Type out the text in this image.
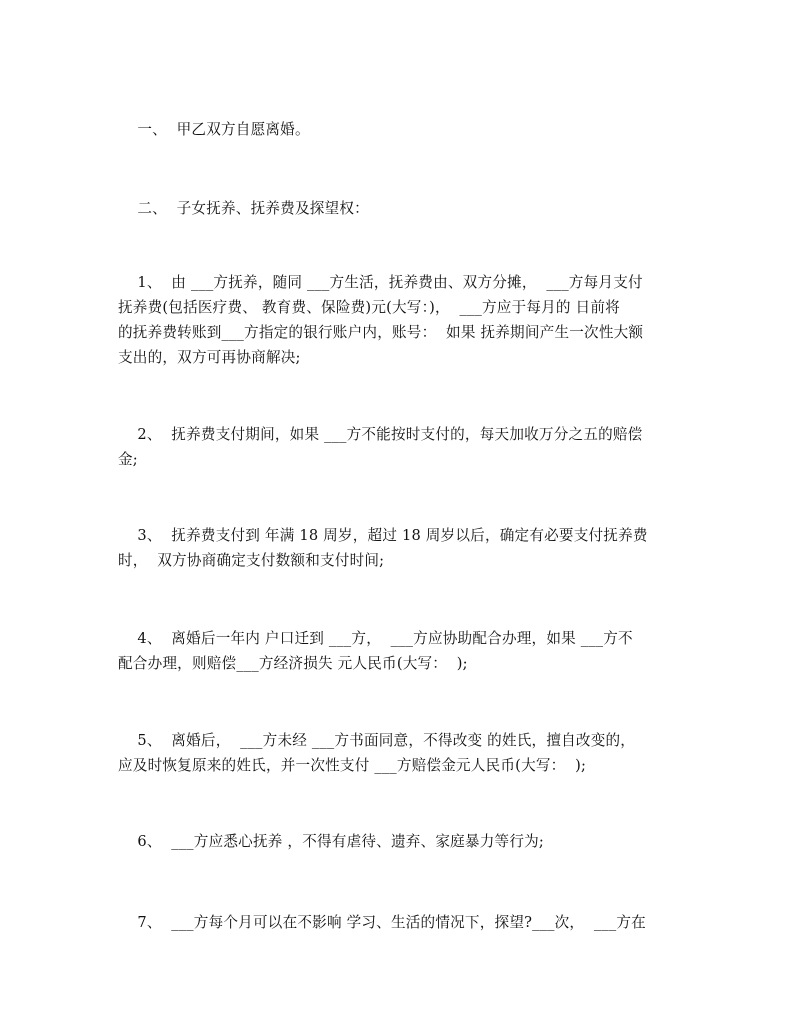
一、  甲乙双方自愿离婚。
二、  子女抚养、抚养费及探望权：
1、  由 ___方抚养，随同 ___方生活，抚养费由、双方分摊，  ___方每月支付
抚养费(包括医疗费、 教育费、保险费)元(大写：)，  ___方应于每月的 日前将
的抚养费转账到___方指定的银行账户内，账号：  如果 抚养期间产生一次性大额
支出的，双方可再协商解决;
2、  抚养费支付期间，如果 ___方不能按时支付的，每天加收万分之五的赔偿
金;
3、  抚养费支付到 年满 18 周岁，超过 18 周岁以后，确定有必要支付抚养费
时，  双方协商确定支付数额和支付时间;
4、  离婚后一年内 户口迁到 ___方，  ___方应协助配合办理，如果 ___方不
配合办理，则赔偿___方经济损失 元人民币(大写：  );
5、  离婚后，  ___方未经 ___方书面同意，不得改变 的姓氏，擅自改变的，
应及时恢复原来的姓氏，并一次性支付 ___方赔偿金元人民币(大写：  );
6、  ___方应悉心抚养 ，不得有虐待、遗弃、家庭暴力等行为;
7、  ___方每个月可以在不影响 学习、生活的情况下，探望?___次，  ___方在
